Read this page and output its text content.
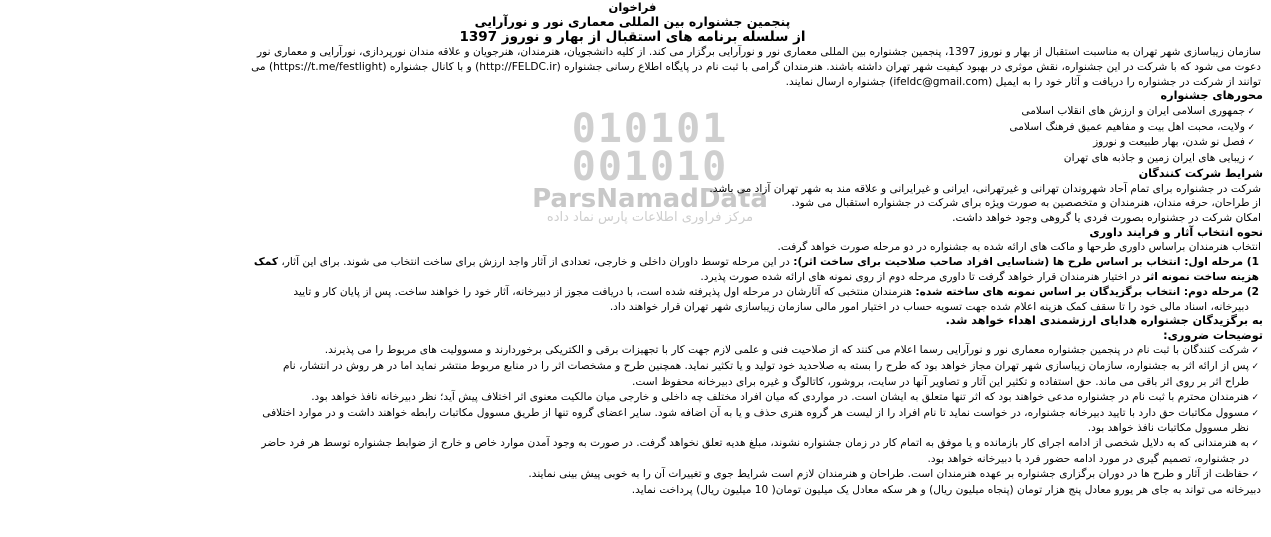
010101
001010
ParsNamadData
مرکز فراوری اطلاعات پارس نماد داده
فراخوان
پنجمین جشنواره بین المللی معماری نور و نورآرایی
از سلسله برنامه های استقبال از بهار و نوروز 1397
سازمان زیباسازی شهر تهران به مناسبت استقبال از بهار و نوروز 1397، پنجمین جشنواره بین المللی معماری نور و نورآرایی برگزار می کند. از کلیه دانشجویان، هنرمندان، هنرجویان و علاقه مندان نورپردازی، نورآرایی و معماری نور
دعوت می شود که با شرکت در این جشنواره، نقش موثری در بهبود کیفیت شهر تهران داشته باشند. هنرمندان گرامی با ثبت نام در پایگاه اطلاع رسانی جشنواره (http://FELDC.ir) و با کانال جشنواره (https://t.me/festlight) می
توانند از شرکت در جشنواره را دریافت و آثار خود را به ایمیل (ifeldc@gmail.com) جشنواره ارسال نمایند.
محورهای جشنواره
✓ جمهوری اسلامی ایران و ارزش های انقلاب اسلامی
✓ ولایت، محبت اهل بیت و مفاهیم عمیق فرهنگ اسلامی
✓ فصل نو شدن، بهار طبیعت و نوروز
✓ زیبایی های ایران زمین و جاذبه های تهران
شرایط شرکت کنندگان
شرکت در جشنواره برای تمام آحاد شهروندان تهرانی و غیرتهرانی، ایرانی و غیرایرانی و علاقه مند به شهر تهران آزاد می باشد.
از طراحان، حرفه مندان، هنرمندان و متخصصین به صورت ویژه برای شرکت در جشنواره استقبال می شود.
امکان شرکت در جشنواره بصورت فردی یا گروهی وجود خواهد داشت.
نحوه انتخاب آثار و فرایند داوری
انتخاب هنرمندان براساس داوری طرحها و ماکت های ارائه شده به جشنواره در دو مرحله صورت خواهد گرفت.
1) مرحله اول: انتخاب بر اساس طرح ها (شناسایی افراد صاحب صلاحیت برای ساخت اثر): در این مرحله توسط داوران داخلی و خارجی، تعدادی از آثار واجد ارزش برای ساخت انتخاب می شوند. برای این آثار، کمک
هزینه ساخت نمونه اثر در اختیار هنرمندان قرار خواهد گرفت تا داوری مرحله دوم از روی نمونه های ارائه شده صورت پذیرد.
2) مرحله دوم: انتخاب برگزیدگان بر اساس نمونه های ساخته شده: هنرمندان منتخبی که آثارشان در مرحله اول پذیرفته شده است، با دریافت مجوز از دبیرخانه، آثار خود را خواهند ساخت. پس از پایان کار و تایید
دبیرخانه، اسناد مالی خود را تا سقف کمک هزینه اعلام شده جهت تسویه حساب در اختیار امور مالی سازمان زیباسازی شهر تهران قرار خواهند داد.
به برگزیدگان جشنواره هدایای ارزشمندی اهداء خواهد شد.
توضیحات ضروری:
✓ شرکت کنندگان با ثبت نام در پنجمین جشنواره معماری نور و نورآرایی رسما اعلام می کنند که از صلاحیت فنی و علمی لازم جهت کار با تجهیزات برقی و الکتریکی برخوردارند و مسوولیت های مربوط را می پذیرند.
✓ پس از ارائه اثر به جشنواره، سازمان زیباسازی شهر تهران مجاز خواهد بود که طرح را بسته به صلاحدید خود تولید و یا تکثیر نماید. همچنین طرح و مشخصات اثر را در منابع مربوط منتشر نماید اما در هر روش در انتشار، نام
طراح اثر بر روی اثر باقی می ماند. حق استفاده و تکثیر این آثار و تصاویر آنها در سایت، بروشور، کاتالوگ و غیره برای دبیرخانه محفوظ است.
✓ هنرمندان محترم با ثبت نام در جشنواره مدعی خواهند بود که اثر تنها متعلق به ایشان است. در مواردی که میان افراد مختلف چه داخلی و خارجی میان مالکیت معنوی اثر اختلاف پیش آید؛ نظر دبیرخانه نافذ خواهد بود.
✓ مسوول مکاتبات حق دارد با تایید دبیرخانه جشنواره، در خواست نماید تا نام افراد را از لیست هر گروه هنری حذف و یا به آن اضافه شود. سایر اعضای گروه تنها از طریق مسوول مکاتبات رابطه خواهند داشت و در موارد اختلافی
نظر مسوول مکاتبات نافذ خواهد بود.
✓ به هنرمندانی که به دلایل شخصی از ادامه اجرای کار بازمانده و یا موفق به اتمام کار در زمان جشنواره نشوند، مبلغ هدیه تعلق نخواهد گرفت. در صورت به وجود آمدن موارد خاص و خارج از ضوابط جشنواره توسط هر فرد حاضر
در جشنواره، تصمیم گیری در مورد ادامه حضور فرد با دبیرخانه خواهد بود.
✓ حفاظت از آثار و طرح ها در دوران برگزاری جشنواره بر عهده هنرمندان است. طراحان و هنرمندان لازم است شرایط جوی و تغییرات آن را به خوبی پیش بینی نمایند.
دبیرخانه می تواند به جای هر یورو معادل پنج هزار تومان (پنجاه میلیون ریال) و هر سکه معادل یک میلیون تومان( 10 میلیون ریال) پرداخت نماید.
